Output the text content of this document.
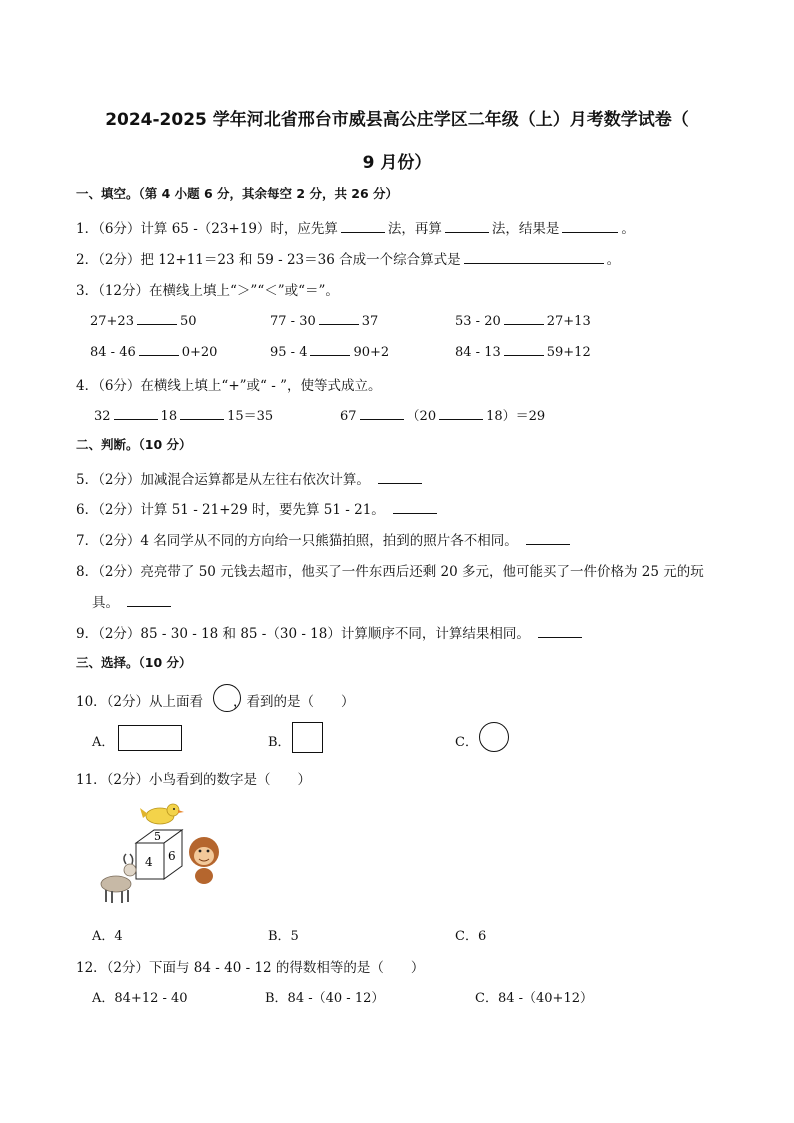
2024-2025 学年河北省邢台市威县高公庄学区二年级（上）月考数学试卷（
9 月份）
一、填空。（第 4 小题 6 分，其余每空 2 分，共 26 分）
1．（6分）计算 65 -（23+19）时，应先算	法，再算	法，结果是	。
2．（2分）把 12+11＝23 和 59 - 23＝36 合成一个综合算式是	。
3．（12分）在横线上填上“＞”“＜”或“＝”。
27+23	50	77 - 30	37	53 - 20	27+13
84 - 46	0+20	95 - 4	90+2	84 - 13	59+12
4．（6分）在横线上填上“+”或“ - ”，使等式成立。
32	18	15＝35	67	（20	18）＝29
二、判断。（10 分）
5．（2分）加减混合运算都是从左往右依次计算。
6．（2分）计算 51 - 21+29 时，要先算 51 - 21。
7．（2分）4 名同学从不同的方向给一只熊猫拍照，拍到的照片各不相同。
8．（2分）亮亮带了 50 元钱去超市，他买了一件东西后还剩 20 多元，他可能买了一件价格为 25 元的玩
具。
9．（2分）85 - 30 - 18 和 85 -（30 - 18）计算顺序不同，计算结果相同。
三、选择。（10 分）
10．（2分）从上面看 ，看到的是（　　）
A．	B．	C．
11．（2分）小鸟看到的数字是（　　）
5
4 6
A．4	B．5	C．6
12．（2分）下面与 84 - 40 - 12 的得数相等的是（　　）
A．84+12 - 40	B．84 -（40 - 12）	C．84 -（40+12）
